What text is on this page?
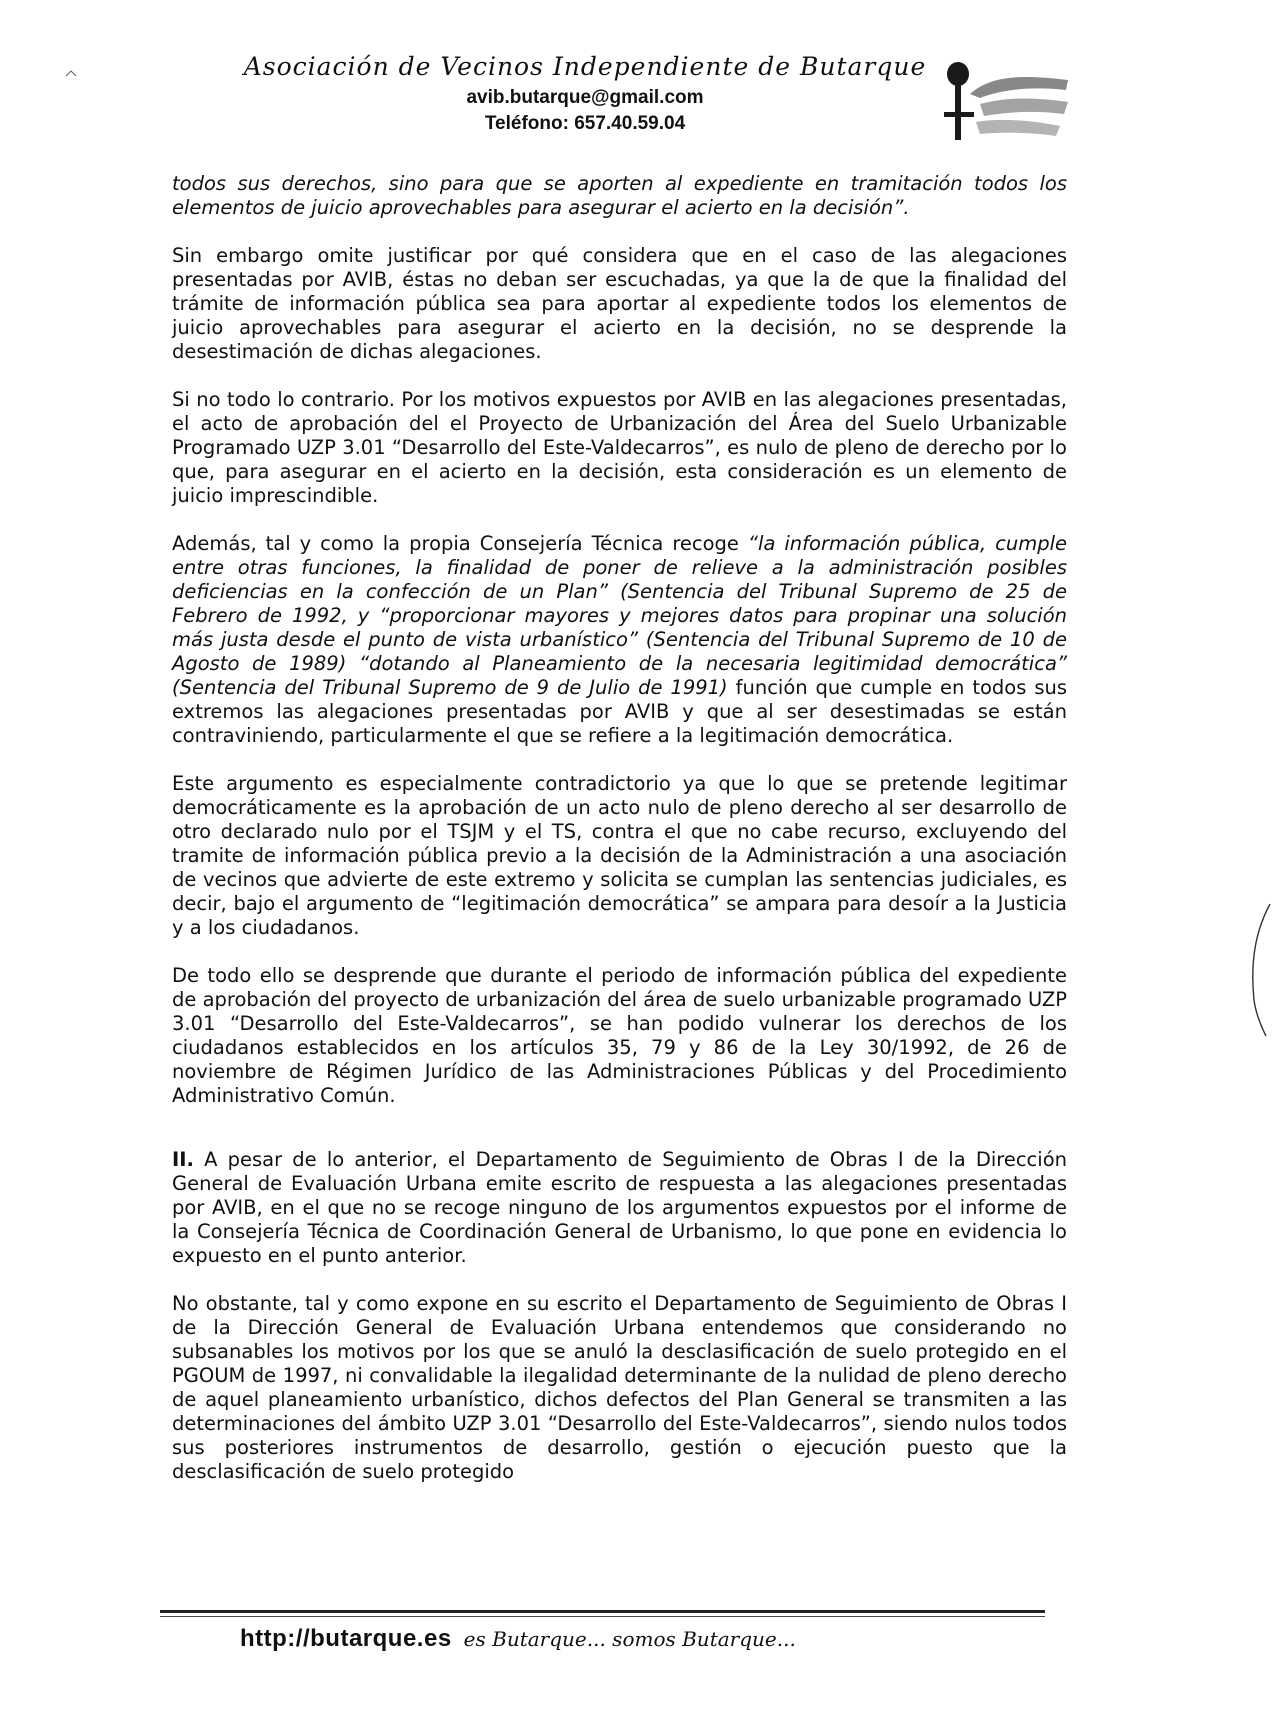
Asociación de Vecinos Independiente de Butarque
avib.butarque@gmail.com
Teléfono: 657.40.59.04

todos sus derechos, sino para que se aporten al expediente en tramitación todos los elementos de juicio aprovechables para asegurar el acierto en la decisión”.

Sin embargo omite justificar por qué considera que en el caso de las alegaciones presentadas por AVIB, éstas no deban ser escuchadas, ya que la de que la finalidad del trámite de información pública sea para aportar al expediente todos los elementos de juicio aprovechables para asegurar el acierto en la decisión, no se desprende la desestimación de dichas alegaciones.

Si no todo lo contrario. Por los motivos expuestos por AVIB en las alegaciones presentadas, el acto de aprobación del el Proyecto de Urbanización del Área del Suelo Urbanizable Programado UZP 3.01 “Desarrollo del Este-Valdecarros”, es nulo de pleno de derecho por lo que, para asegurar en el acierto en la decisión, esta consideración es un elemento de juicio imprescindible.

Además, tal y como la propia Consejería Técnica recoge “la información pública, cumple entre otras funciones, la finalidad de poner de relieve a la administración posibles deficiencias en la confección de un Plan” (Sentencia del Tribunal Supremo de 25 de Febrero de 1992, y “proporcionar mayores y mejores datos para propinar una solución más justa desde el punto de vista urbanístico” (Sentencia del Tribunal Supremo de 10 de Agosto de 1989) “dotando al Planeamiento de la necesaria legitimidad democrática” (Sentencia del Tribunal Supremo de 9 de Julio de 1991) función que cumple en todos sus extremos las alegaciones presentadas por AVIB y que al ser desestimadas se están contraviniendo, particularmente el que se refiere a la legitimación democrática.

Este argumento es especialmente contradictorio ya que lo que se pretende legitimar democráticamente es la aprobación de un acto nulo de pleno derecho al ser desarrollo de otro declarado nulo por el TSJM y el TS, contra el que no cabe recurso, excluyendo del tramite de información pública previo a la decisión de la Administración a una asociación de vecinos que advierte de este extremo y solicita se cumplan las sentencias judiciales, es decir, bajo el argumento de “legitimación democrática” se ampara para desoír a la Justicia y a los ciudadanos.

De todo ello se desprende que durante el periodo de información pública del expediente de aprobación del proyecto de urbanización del área de suelo urbanizable programado UZP 3.01 “Desarrollo del Este-Valdecarros”, se han podido vulnerar los derechos de los ciudadanos establecidos en los artículos 35, 79 y 86 de la Ley 30/1992, de 26 de noviembre de Régimen Jurídico de las Administraciones Públicas y del Procedimiento Administrativo Común.

II. A pesar de lo anterior, el Departamento de Seguimiento de Obras I de la Dirección General de Evaluación Urbana emite escrito de respuesta a las alegaciones presentadas por AVIB, en el que no se recoge ninguno de los argumentos expuestos por el informe de la Consejería Técnica de Coordinación General de Urbanismo, lo que pone en evidencia lo expuesto en el punto anterior.

No obstante, tal y como expone en su escrito el Departamento de Seguimiento de Obras I de la Dirección General de Evaluación Urbana entendemos que considerando no subsanables los motivos por los que se anuló la desclasificación de suelo protegido en el PGOUM de 1997, ni convalidable la ilegalidad determinante de la nulidad de pleno derecho de aquel planeamiento urbanístico, dichos defectos del Plan General se transmiten a las determinaciones del ámbito UZP 3.01 “Desarrollo del Este-Valdecarros”, siendo nulos todos sus posteriores instrumentos de desarrollo, gestión o ejecución puesto que la desclasificación de suelo protegido

http://butarque.es es Butarque... somos Butarque...
